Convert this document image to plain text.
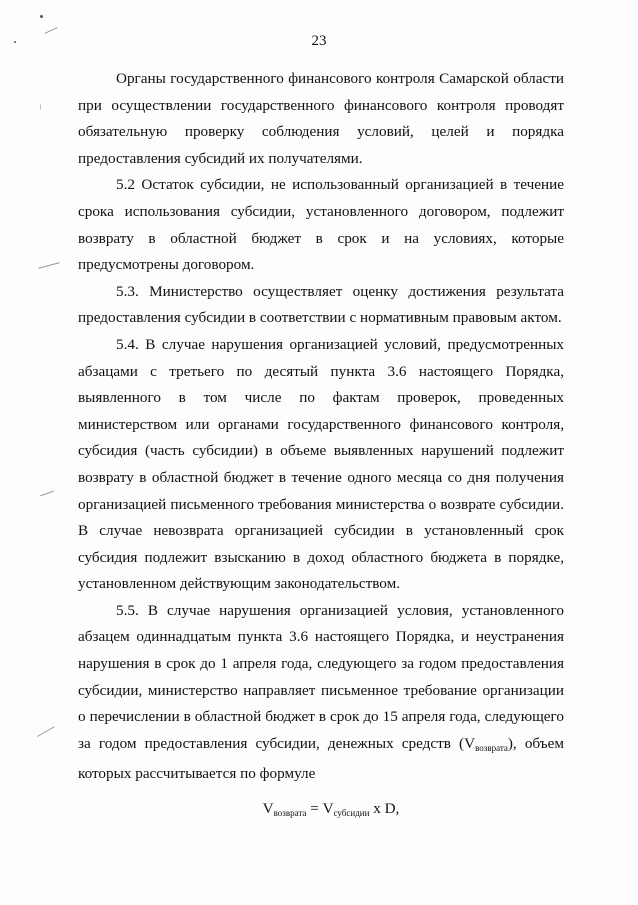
23

Органы государственного финансового контроля Самарской области при осуществлении государственного финансового контроля проводят обязательную проверку соблюдения условий, целей и порядка предоставления субсидий их получателями.

5.2 Остаток субсидии, не использованный организацией в течение срока использования субсидии, установленного договором, подлежит возврату в областной бюджет в срок и на условиях, которые предусмотрены договором.

5.3. Министерство осуществляет оценку достижения результата предоставления субсидии в соответствии с нормативным правовым актом.

5.4. В случае нарушения организацией условий, предусмотренных абзацами с третьего по десятый пункта 3.6 настоящего Порядка, выявленного в том числе по фактам проверок, проведенных министерством или органами государственного финансового контроля, субсидия (часть субсидии) в объеме выявленных нарушений подлежит возврату в областной бюджет в течение одного месяца со дня получения организацией письменного требования министерства о возврате субсидии. В случае невозврата организацией субсидии в установленный срок субсидия подлежит взысканию в доход областного бюджета в порядке, установленном действующим законодательством.

5.5. В случае нарушения организацией условия, установленного абзацем одиннадцатым пункта 3.6 настоящего Порядка, и неустранения нарушения в срок до 1 апреля года, следующего за годом предоставления субсидии, министерство направляет письменное требование организации о перечислении в областной бюджет в срок до 15 апреля года, следующего за годом предоставления субсидии, денежных средств $(V_{возврата})$, объем которых рассчитывается по формуле

$V_{возврата} = V_{субсидии}$ x D,
